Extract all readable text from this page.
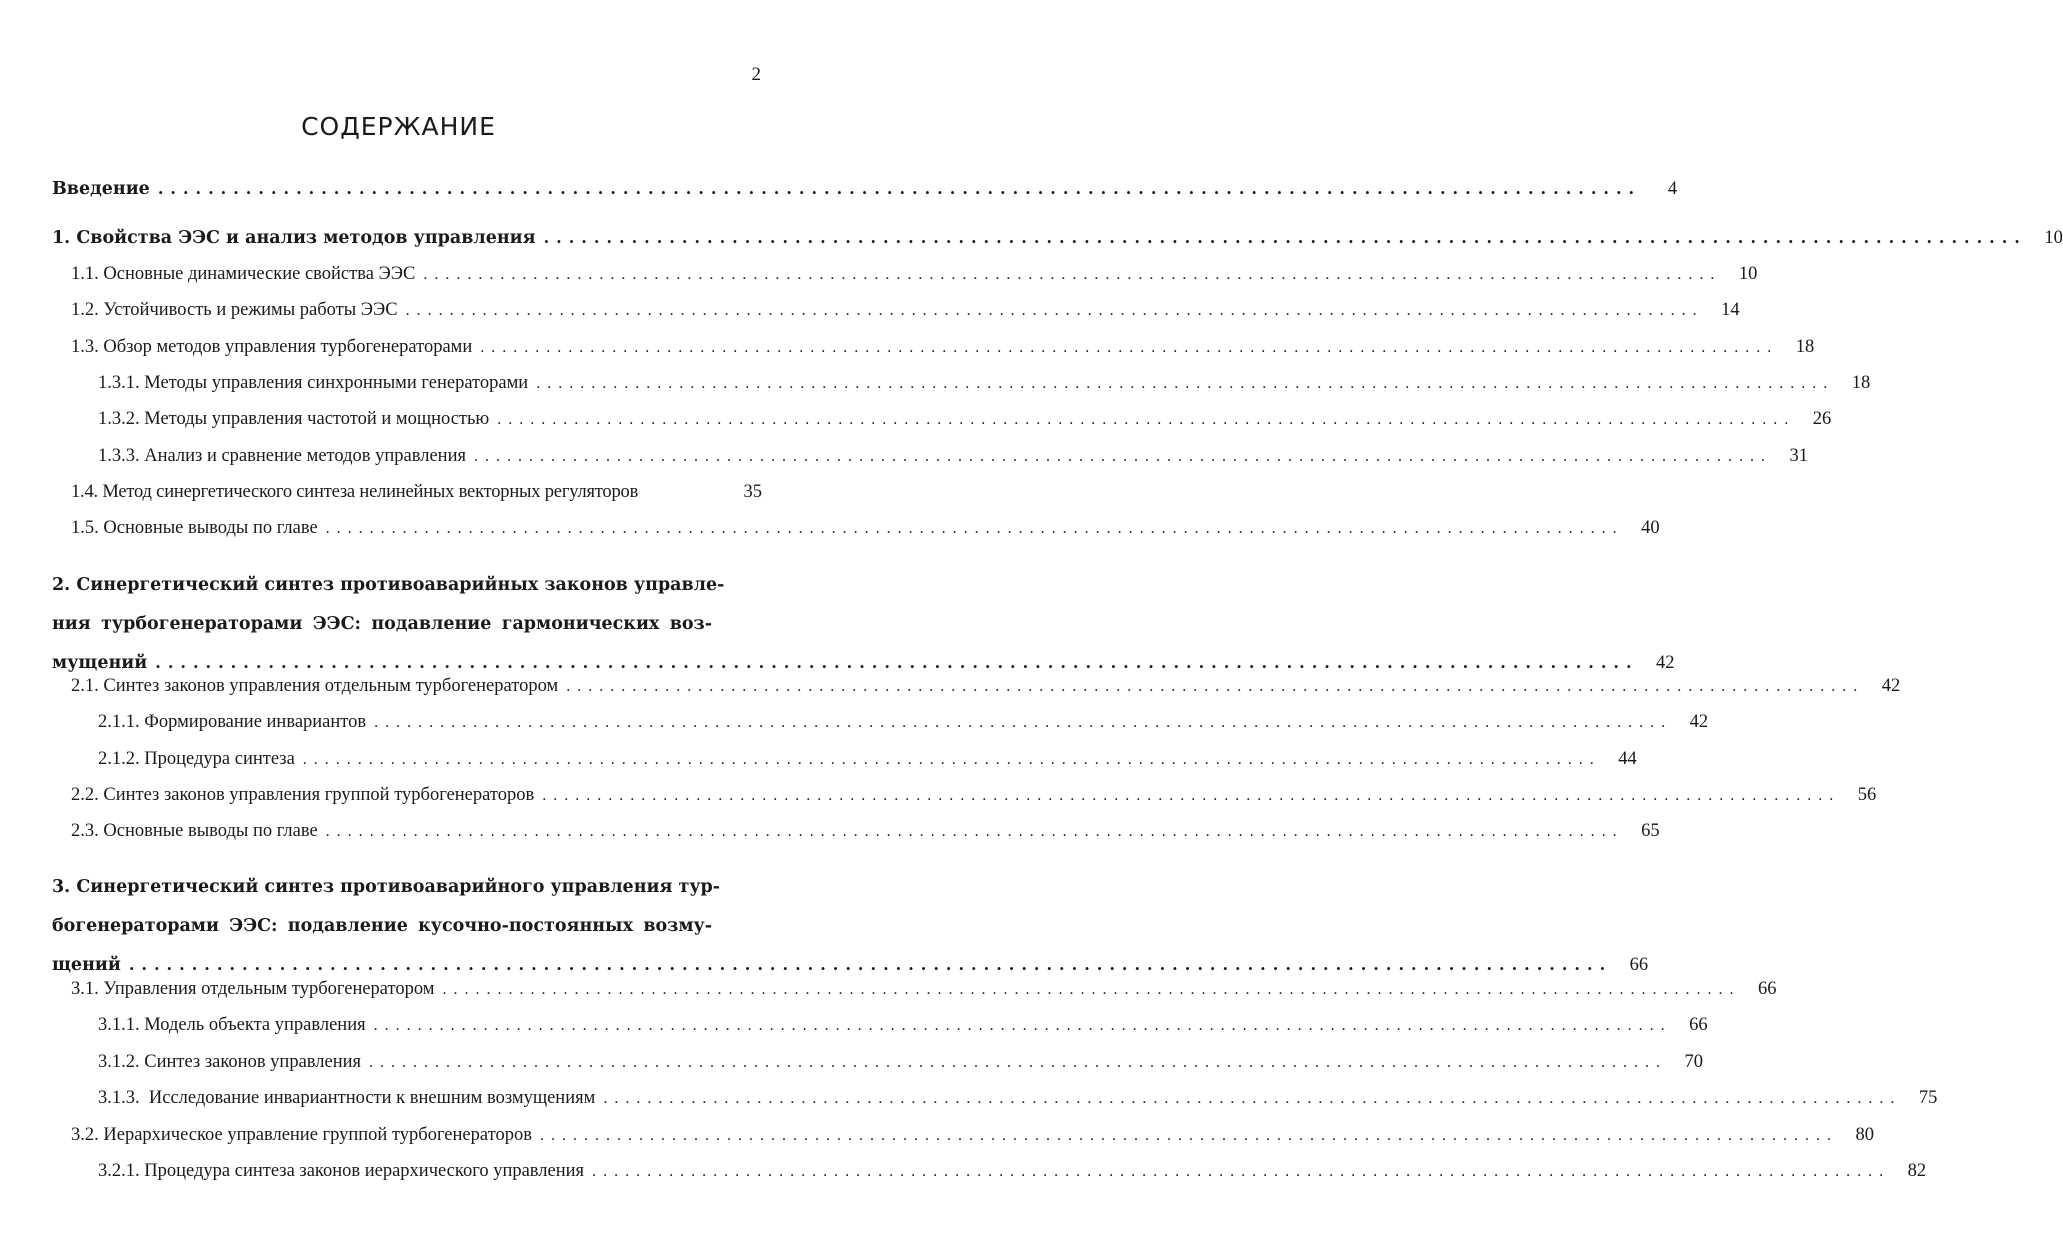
2
СОДЕРЖАНИЕ
Введение ......................................................................................................................	4
1. Свойства ЭЭС и анализ методов управления ...................................................................................................................... 10
1.1. Основные динамические свойства ЭЭС ...................................................................................................................... 10
1.2. Устойчивость и режимы работы ЭЭС ...................................................................................................................... 14
1.3. Обзор методов управления турбогенераторами ...................................................................................................................... 18
1.3.1. Методы управления синхронными генераторами ...................................................................................................................... 18
1.3.2. Методы управления частотой и мощностью ...................................................................................................................... 26
1.3.3. Анализ и сравнение методов управления ...................................................................................................................... 31
1.4. Метод синергетического синтеза нелинейных векторных регуляторов	35
1.5. Основные выводы по главе ...................................................................................................................... 40
2. Синергетический синтез противоаварийных законов управле-
ния турбогенераторами ЭЭС: подавление гармонических воз-
мущений ...................................................................................................................... 42
2.1. Синтез законов управления отдельным турбогенератором ...................................................................................................................... 42
2.1.1. Формирование инвариантов ...................................................................................................................... 42
2.1.2. Процедура синтеза ...................................................................................................................... 44
2.2. Синтез законов управления группой турбогенераторов ...................................................................................................................... 56
2.3. Основные выводы по главе ...................................................................................................................... 65
3. Синергетический синтез противоаварийного управления тур-
богенераторами ЭЭС: подавление кусочно-постоянных возму-
щений ...................................................................................................................... 66
3.1. Управления отдельным турбогенератором ...................................................................................................................... 66
3.1.1. Модель объекта управления ...................................................................................................................... 66
3.1.2. Синтез законов управления ...................................................................................................................... 70
3.1.3.  Исследование инвариантности к внешним возмущениям ...................................................................................................................... 75
3.2. Иерархическое управление группой турбогенераторов ...................................................................................................................... 80
3.2.1. Процедура синтеза законов иерархического управления ...................................................................................................................... 82
